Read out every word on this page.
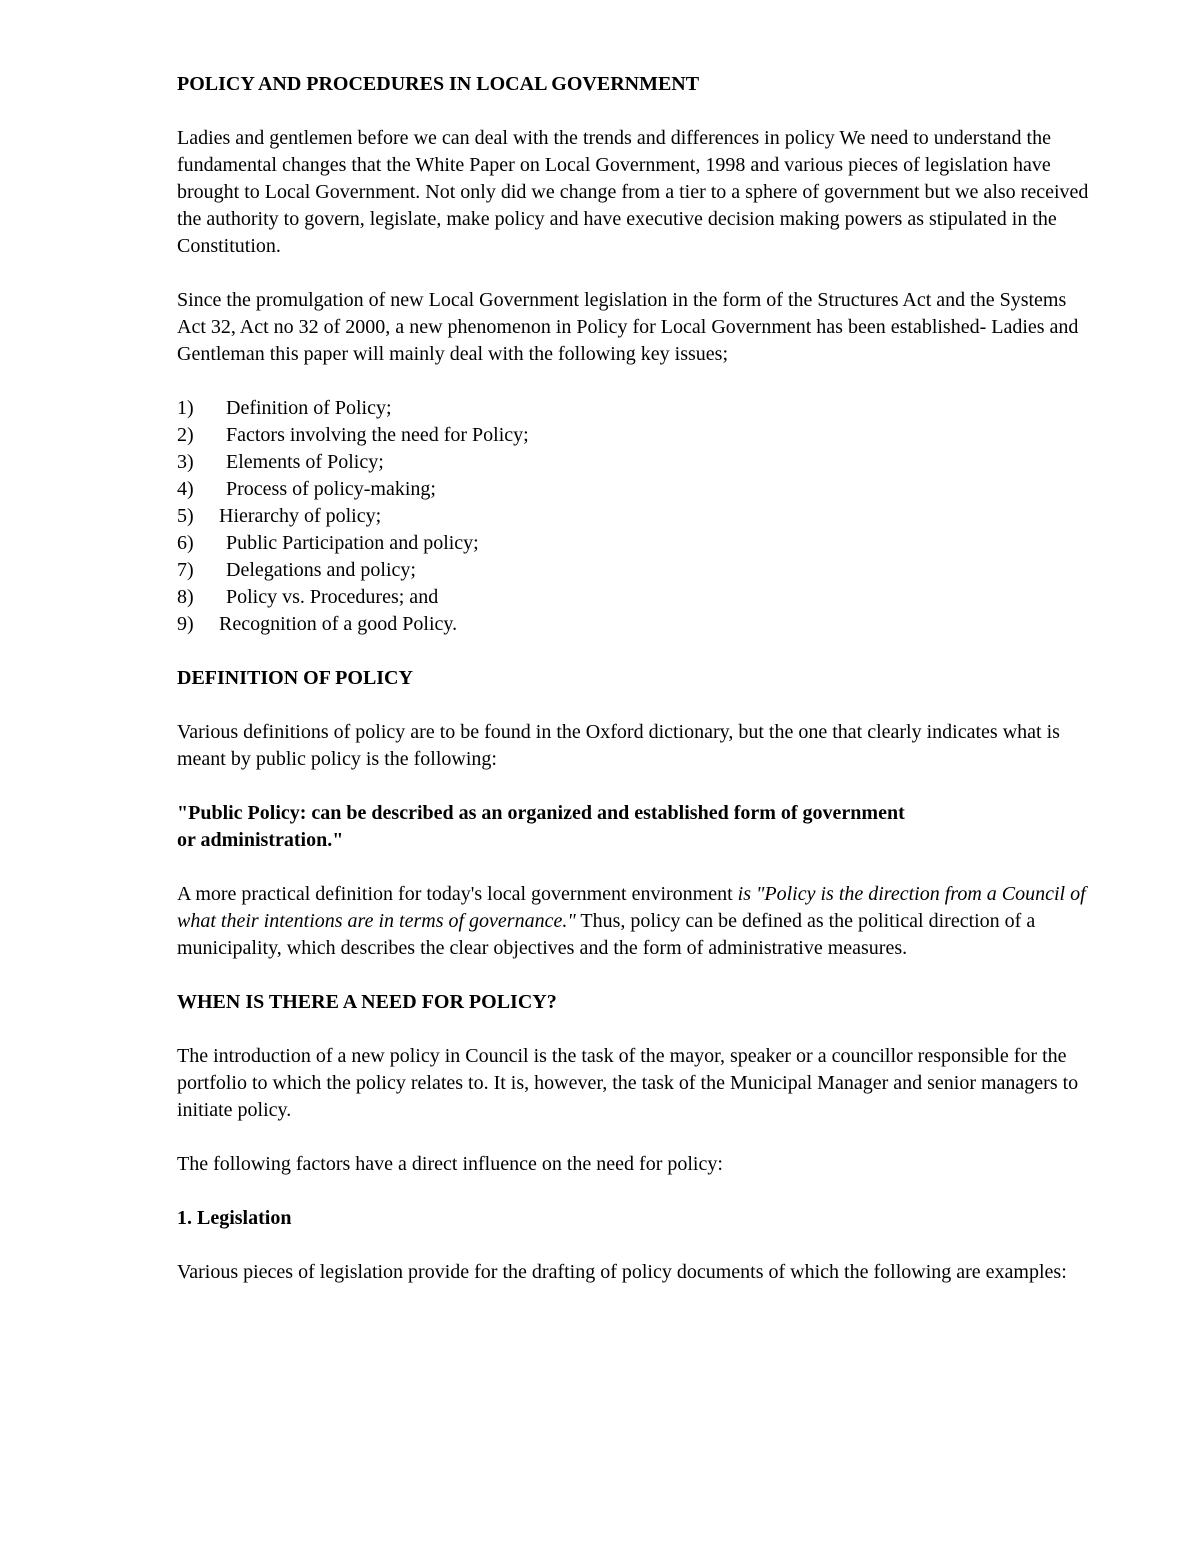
POLICY AND PROCEDURES IN LOCAL GOVERNMENT

Ladies and gentlemen before we can deal with the trends and differences in policy We need to understand the fundamental changes that the White Paper on Local Government, 1998 and various pieces of legislation have brought to Local Government. Not only did we change from a tier to a sphere of government but we also received the authority to govern, legislate, make policy and have executive decision making powers as stipulated in the Constitution.

Since the promulgation of new Local Government legislation in the form of the Structures Act and the Systems Act 32, Act no 32 of 2000, a new phenomenon in Policy for Local Government has been established- Ladies and Gentleman this paper will mainly deal with the following key issues;

1) Definition of Policy;
2) Factors involving the need for Policy;
3) Elements of Policy;
4) Process of policy-making;
5) Hierarchy of policy;
6) Public Participation and policy;
7) Delegations and policy;
8) Policy vs. Procedures; and
9) Recognition of a good Policy.

DEFINITION OF POLICY

Various definitions of policy are to be found in the Oxford dictionary, but the one that clearly indicates what is meant by public policy is the following:

"Public Policy: can be described as an organized and established form of government or administration."

A more practical definition for today's local government environment is "Policy is the direction from a Council of what their intentions are in terms of governance." Thus, policy can be defined as the political direction of a municipality, which describes the clear objectives and the form of administrative measures.

WHEN IS THERE A NEED FOR POLICY?

The introduction of a new policy in Council is the task of the mayor, speaker or a councillor responsible for the portfolio to which the policy relates to. It is, however, the task of the Municipal Manager and senior managers to initiate policy.

The following factors have a direct influence on the need for policy:

1. Legislation

Various pieces of legislation provide for the drafting of policy documents of which the following are examples:
